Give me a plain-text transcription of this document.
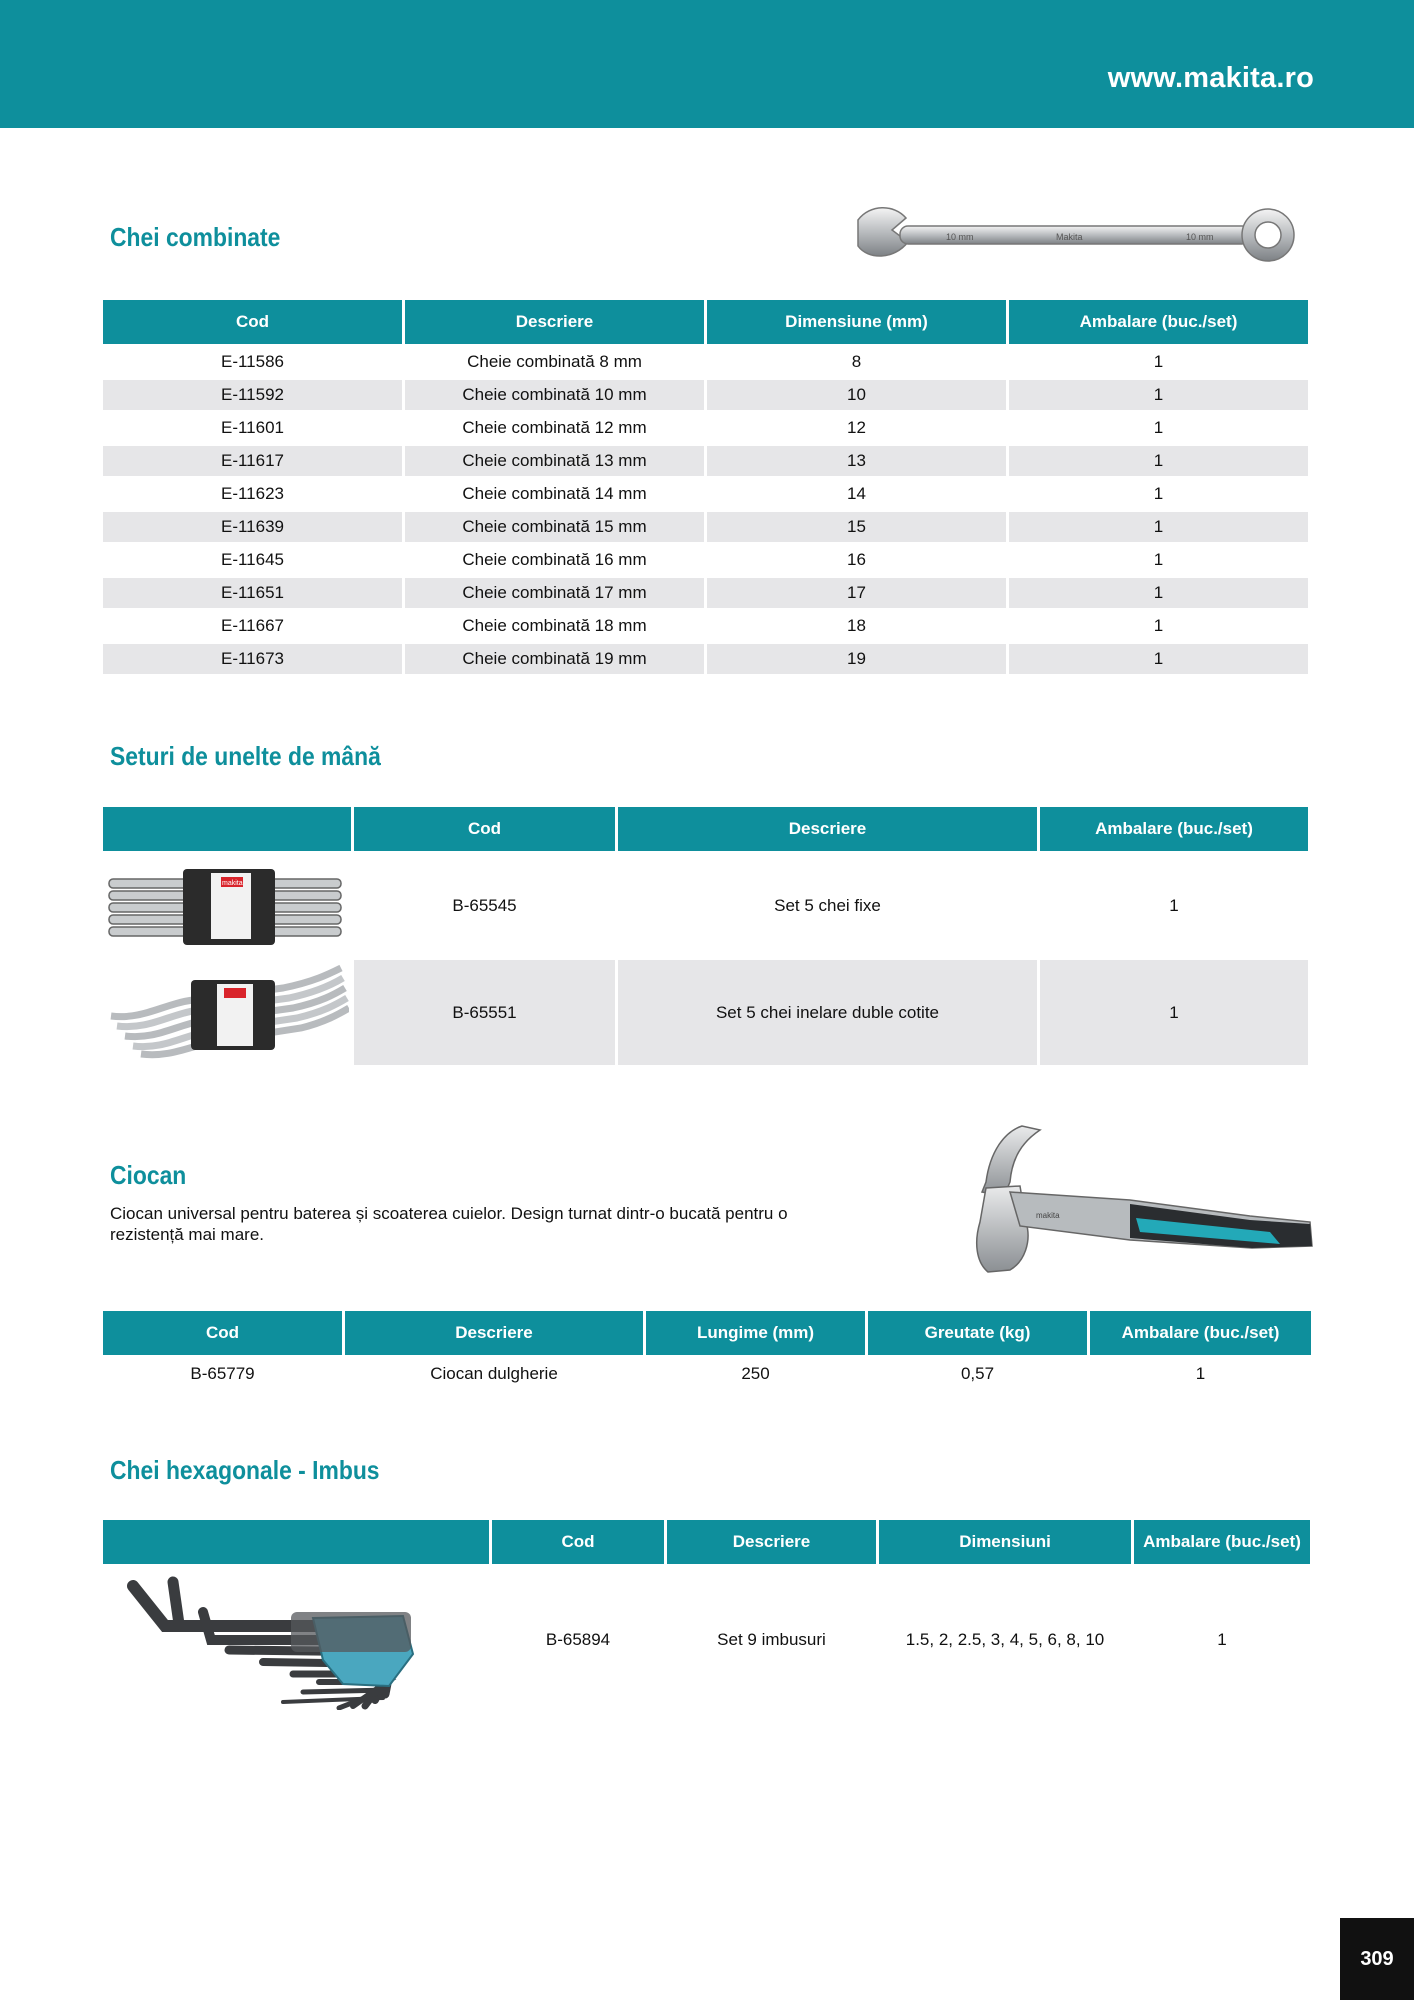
www.makita.ro
Chei combinate	10 mm	Makita	10 mm
Cod	Descriere	Dimensiune (mm)	Ambalare (buc./set)
E-11586	Cheie combinată 8 mm	8	1
E-11592	Cheie combinată 10 mm	10	1
E-11601	Cheie combinată 12 mm	12	1
E-11617	Cheie combinată 13 mm	13	1
E-11623	Cheie combinată 14 mm	14	1
E-11639	Cheie combinată 15 mm	15	1
E-11645	Cheie combinată 16 mm	16	1
E-11651	Cheie combinată 17 mm	17	1
E-11667	Cheie combinată 18 mm	18	1
E-11673	Cheie combinată 19 mm	19	1
Seturi de unelte de mână
	Cod	Descriere	Ambalare (buc./set)

makita	B-65545	Set 5 chei fixe	1
	B-65551	Set 5 chei inelare duble cotite	1
Ciocan
Ciocan universal pentru baterea și scoaterea cuielor. Design turnat dintr-o bucată pentru o rezistență mai mare.
makita
Cod	Descriere	Lungime (mm)	Greutate (kg)	Ambalare (buc./set)
B-65779	Ciocan dulgherie	250	0,57	1
Chei hexagonale - Imbus
	Cod	Descriere	Dimensiuni	Ambalare (buc./set)
	B-65894	Set 9 imbusuri	1.5, 2, 2.5, 3, 4, 5, 6, 8, 10	1
309
